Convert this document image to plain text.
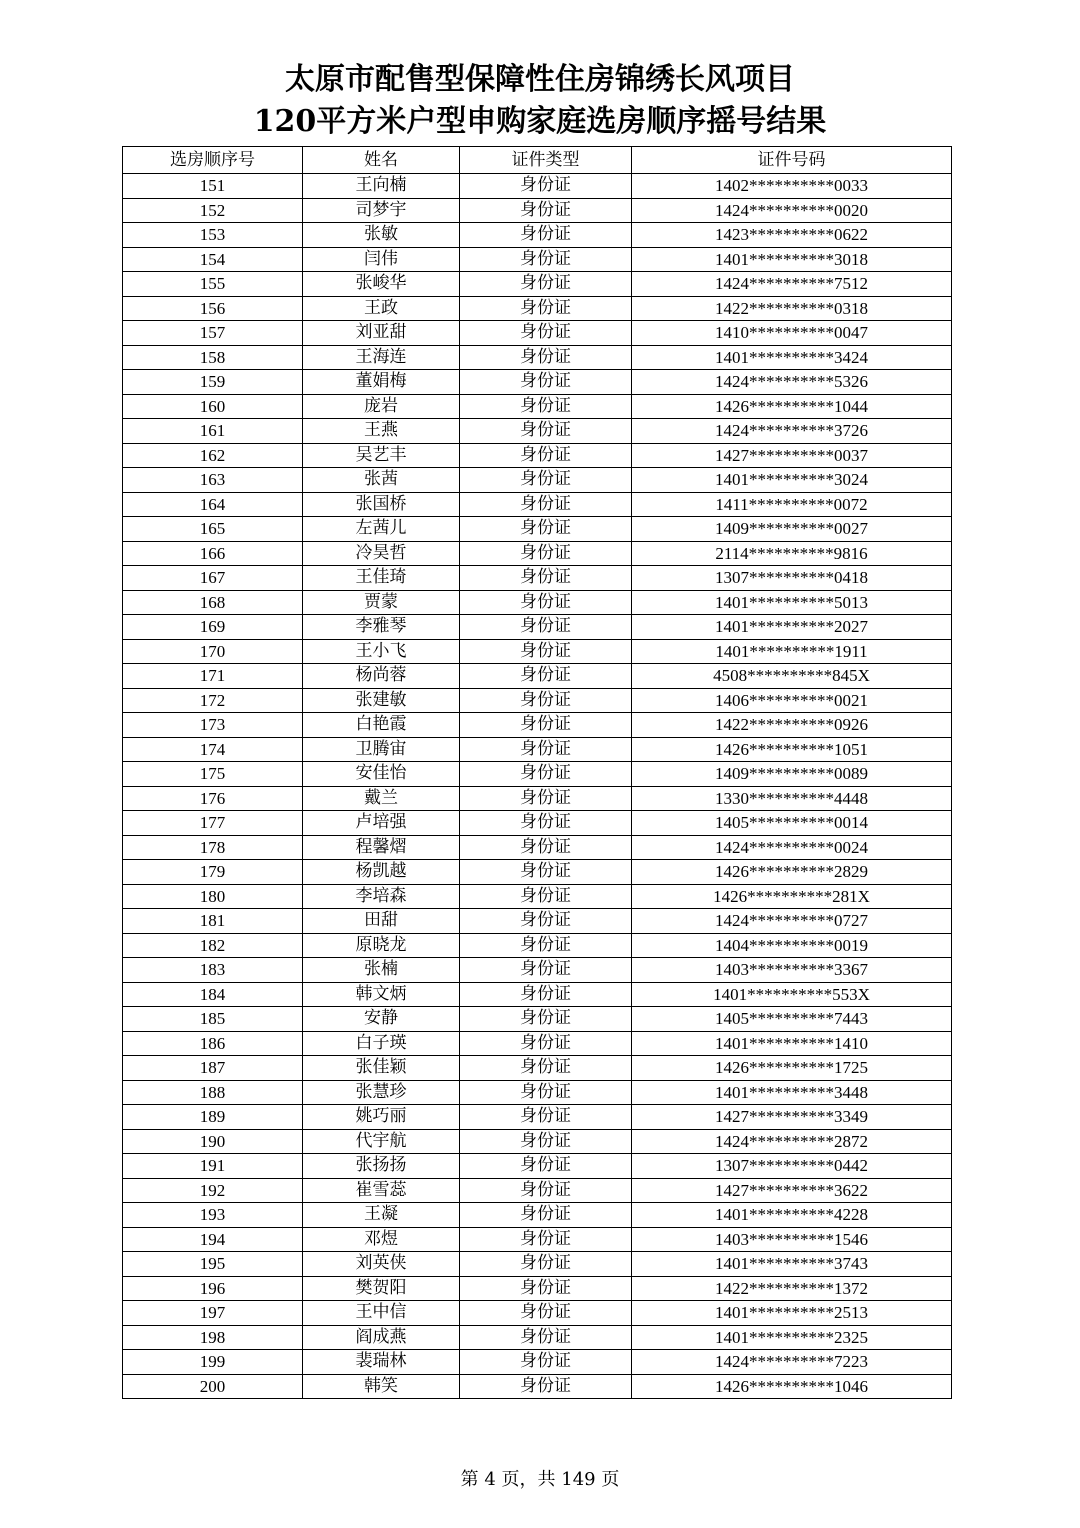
太原市配售型保障性住房锦绣长风项目
120平方米户型申购家庭选房顺序摇号结果
选房顺序号	姓名	证件类型	证件号码
151	王向楠	身份证	1402**********0033
152	司梦宇	身份证	1424**********0020
153	张敏	身份证	1423**********0622
154	闫伟	身份证	1401**********3018
155	张峻华	身份证	1424**********7512
156	王政	身份证	1422**********0318
157	刘亚甜	身份证	1410**********0047
158	王海连	身份证	1401**********3424
159	董娟梅	身份证	1424**********5326
160	庞岩	身份证	1426**********1044
161	王燕	身份证	1424**********3726
162	吴艺丰	身份证	1427**********0037
163	张茜	身份证	1401**********3024
164	张国桥	身份证	1411**********0072
165	左茜儿	身份证	1409**********0027
166	冷昊哲	身份证	2114**********9816
167	王佳琦	身份证	1307**********0418
168	贾蒙	身份证	1401**********5013
169	李雅琴	身份证	1401**********2027
170	王小飞	身份证	1401**********1911
171	杨尚蓉	身份证	4508**********845X
172	张建敏	身份证	1406**********0021
173	白艳霞	身份证	1422**********0926
174	卫腾宙	身份证	1426**********1051
175	安佳怡	身份证	1409**********0089
176	戴兰	身份证	1330**********4448
177	卢培强	身份证	1405**********0014
178	程馨熠	身份证	1424**********0024
179	杨凯越	身份证	1426**********2829
180	李培森	身份证	1426**********281X
181	田甜	身份证	1424**********0727
182	原晓龙	身份证	1404**********0019
183	张楠	身份证	1403**********3367
184	韩文炳	身份证	1401**********553X
185	安静	身份证	1405**********7443
186	白子瑛	身份证	1401**********1410
187	张佳颖	身份证	1426**********1725
188	张慧珍	身份证	1401**********3448
189	姚巧丽	身份证	1427**********3349
190	代宇航	身份证	1424**********2872
191	张扬扬	身份证	1307**********0442
192	崔雪蕊	身份证	1427**********3622
193	王凝	身份证	1401**********4228
194	邓煜	身份证	1403**********1546
195	刘英侠	身份证	1401**********3743
196	樊贺阳	身份证	1422**********1372
197	王中信	身份证	1401**********2513
198	阎成燕	身份证	1401**********2325
199	裴瑞林	身份证	1424**********7223
200	韩笑	身份证	1426**********1046
第 4 页，共 149 页
